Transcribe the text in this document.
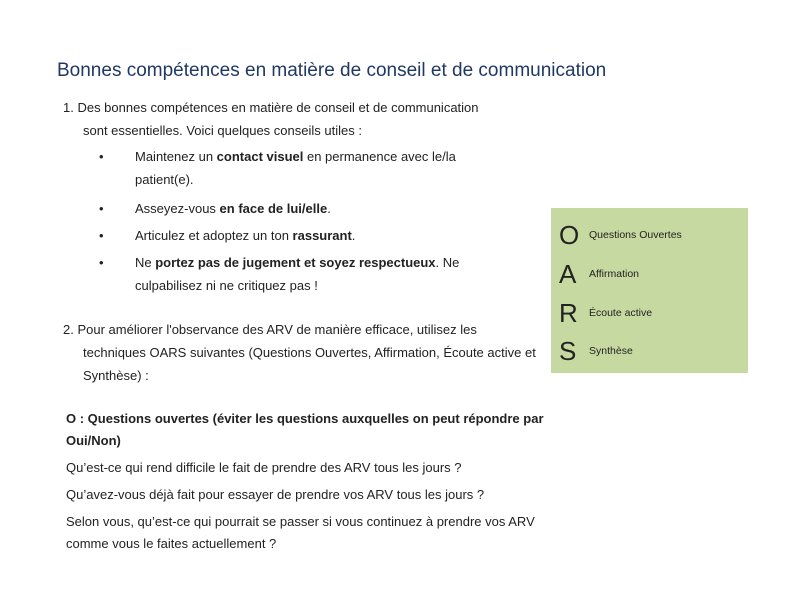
Bonnes compétences en matière de conseil et de communication
1. Des bonnes compétences en matière de conseil et de communication
sont essentielles. Voici quelques conseils utiles :
• Maintenez un contact visuel en permanence avec le/la patient(e).
• Asseyez-vous en face de lui/elle.
• Articulez et adoptez un ton rassurant.
• Ne portez pas de jugement et soyez respectueux. Ne culpabilisez ni ne critiquez pas !
2. Pour améliorer l'observance des ARV de manière efficace, utilisez les
techniques OARS suivantes (Questions Ouvertes, Affirmation, Écoute active et Synthèse) :
O Questions Ouvertes
A	Affirmation
R	Écoute active
S	Synthèse

O : Questions ouvertes (éviter les questions auxquelles on peut répondre par Oui/Non)

Qu’est-ce qui rend difficile le fait de prendre des ARV tous les jours ?

Qu’avez-vous déjà fait pour essayer de prendre vos ARV tous les jours ?

Selon vous, qu’est-ce qui pourrait se passer si vous continuez à prendre vos ARV comme vous le faites actuellement ?
